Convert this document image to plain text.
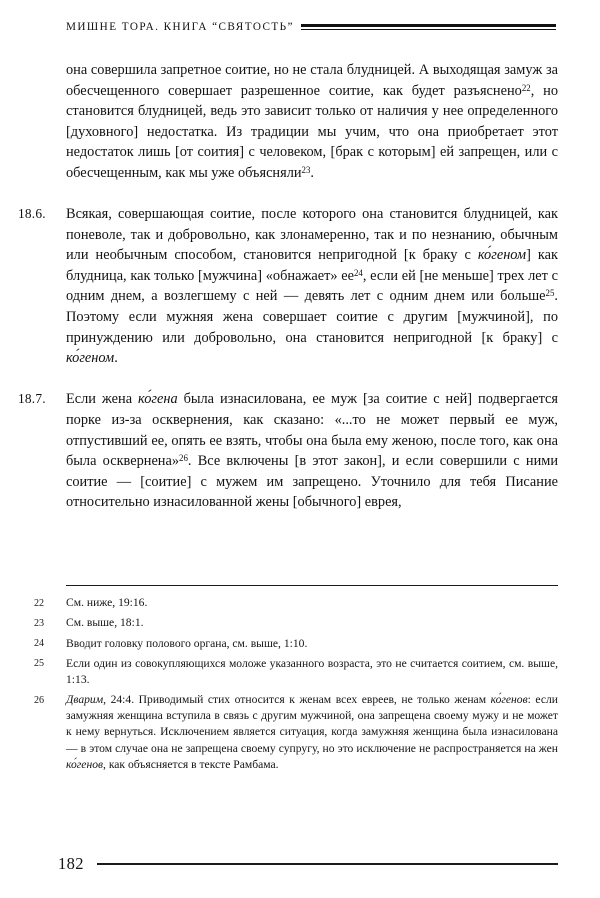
МИШНЕ ТОРА. КНИГА “СВЯТОСТЬ”

она совершила запретное соитие, но не стала блудницей. А выходящая замуж за обесчещенного совершает разрешенное соитие, как будет разъяснено$^{22}$, но становится блудницей, ведь это зависит только от наличия у нее определенного [духовного] недостатка. Из традиции мы учим, что она приобретает этот недостаток лишь [от соития] с человеком, [брак с которым] ей запрещен, или с обесчещенным, как мы уже объясняли$^{23}$.

18.6.	Всякая, совершающая соитие, после которого она становится блудницей, как поневоле, так и добровольно, как злонамеренно, так и по незнанию, обычным или необычным способом, становится непригодной [к браку с ко́геном] как блудница, как только [мужчина] «обнажает» $ее^{24}$, если ей [не меньше] трех лет с одним днем, а возлегшему с ней — девять лет с одним днем или больше$^{25}$. Поэтому если мужняя жена совершает соитие с другим [мужчиной], по принуждению или добровольно, она становится непригодной [к браку] с ко́геном.

18.7.	Если жена ко́гена была изнасилована, ее муж [за соитие с ней] подвергается порке из-за осквернения, как сказано: «...то не может первый ее муж, отпустивший ее, опять ее взять, чтобы она была ему женою, после того, как она была осквернена»$^{26}$. Все включены [в этот закон], и если совершили с ними соитие — [соитие] с мужем им запрещено. Уточнило для тебя Писание относительно изнасилованной жены [обычного] еврея,

22	См. ниже, 19:16.
23	См. выше, 18:1.
24	Вводит головку полового органа, см. выше, 1:10.
25	Если один из совокупляющихся моложе указанного возраста, это не считается соитием, см. выше, 1:13.
26	Дварим, 24:4. Приводимый стих относится к женам всех евреев, не только женам ко́генов: если замужняя женщина вступила в связь с другим мужчиной, она запрещена своему мужу и не может к нему вернуться. Исключением является ситуация, когда замужняя женщина была изнасилована — в этом случае она не запрещена своему супругу, но это исключение не распространяется на жен ко́генов, как объясняется в тексте Рамбама.
182
